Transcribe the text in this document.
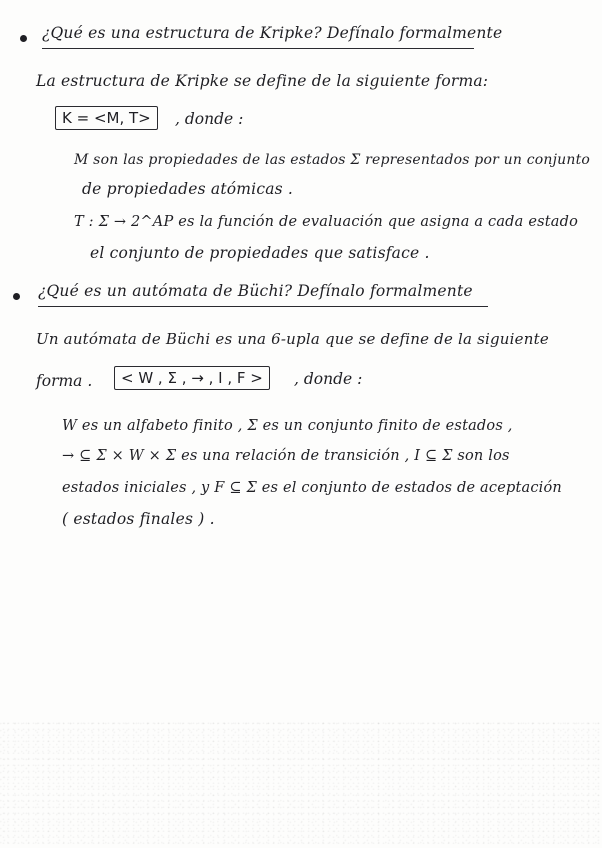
¿Qué es una estructura de Kripke? Defínalo formalmente
La estructura de Kripke se define de la siguiente forma:
K = <M, T>	, donde :
M son las propiedades de las estados Σ representados por un conjunto
de propiedades atómicas .
T : Σ → 2^AP es la función de evaluación que asigna a cada estado
el conjunto de propiedades que satisface .
¿Qué es un autómata de Büchi? Defínalo formalmente
Un autómata de Büchi es una 6-upla que se define de la siguiente
forma .	< W , Σ , → , I , F >	, donde :
W es un alfabeto finito , Σ es un conjunto finito de estados ,
→ ⊆ Σ × W × Σ es una relación de transición , I ⊆ Σ son los
estados iniciales , y F ⊆ Σ es el conjunto de estados de aceptación
( estados finales ) .
